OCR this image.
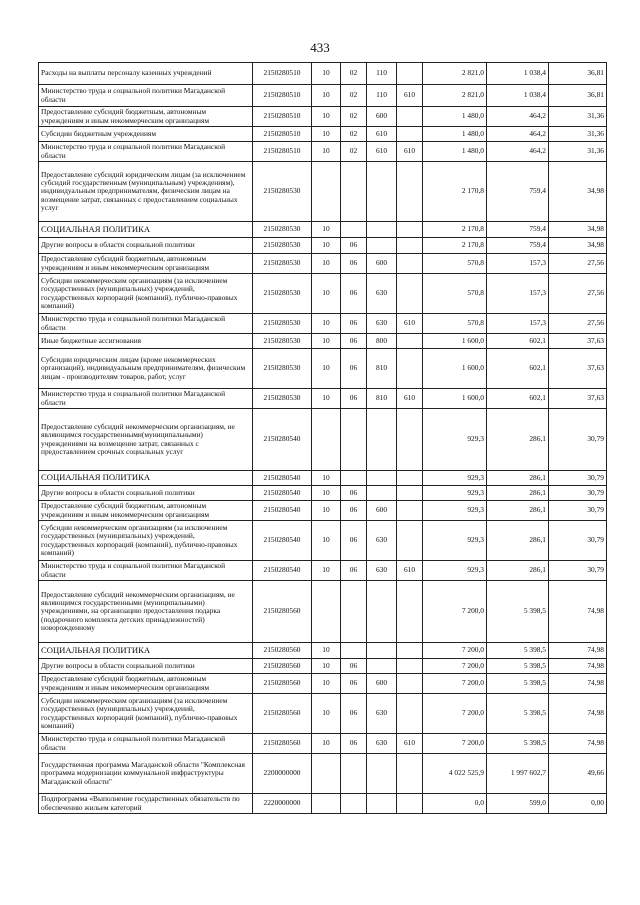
433
Расходы на выплаты персоналу казенных учреждений	2150280510	10	02	110		2 821,0	1 038,4	36,81
Министерство труда и социальной политики Магаданской области	2150280510	10	02	110	610	2 821,0	1 038,4	36,81
Предоставление субсидий бюджетным, автономным учреждениям и иным некоммерческим организациям	2150280510	10	02	600		1 480,0	464,2	31,36
Субсидии бюджетным учреждениям	2150280510	10	02	610		1 480,0	464,2	31,36
Министерство труда и социальной политики Магаданской области	2150280510	10	02	610	610	1 480,0	464,2	31,36
Предоставление субсидий юридическим лицам (за исключением субсидий государственным (муниципальным) учреждениям), индивидуальным предпринимателям, физическим лицам на возмещение затрат, связанных с предоставлением социальных услуг	2150280530					2 170,8	759,4	34,98
СОЦИАЛЬНАЯ ПОЛИТИКА	2150280530	10				2 170,8	759,4	34,98
Другие вопросы в области социальной политики	2150280530	10	06			2 170,8	759,4	34,98
Предоставление субсидий бюджетным, автономным учреждениям и иным некоммерческим организациям	2150280530	10	06	600		570,8	157,3	27,56
Субсидии некоммерческим организациям (за исключением государственных (муниципальных) учреждений, государственных корпораций (компаний), публично-правовых компаний)	2150280530	10	06	630		570,8	157,3	27,56
Министерство труда и социальной политики Магаданской области	2150280530	10	06	630	610	570,8	157,3	27,56
Иные бюджетные ассигнования	2150280530	10	06	800		1 600,0	602,1	37,63
Субсидии юридическим лицам (кроме некоммерческих организаций), индивидуальным предпринимателям, физическим лицам - производителям товаров, работ, услуг	2150280530	10	06	810		1 600,0	602,1	37,63
Министерство труда и социальной политики Магаданской области	2150280530	10	06	810	610	1 600,0	602,1	37,63
Предоставление субсидий некоммерческим организациям, не являющимся государственными(муниципальными) учреждениями на возмещение затрат, связанных с предоставлением срочных социальных услуг	2150280540					929,3	286,1	30,79
СОЦИАЛЬНАЯ ПОЛИТИКА	2150280540	10				929,3	286,1	30,79
Другие вопросы в области социальной политики	2150280540	10	06			929,3	286,1	30,79
Предоставление субсидий бюджетным, автономным учреждениям и иным некоммерческим организациям	2150280540	10	06	600		929,3	286,1	30,79
Субсидии некоммерческим организациям (за исключением государственных (муниципальных) учреждений, государственных корпораций (компаний), публично-правовых компаний)	2150280540	10	06	630		929,3	286,1	30,79
Министерство труда и социальной политики Магаданской области	2150280540	10	06	630	610	929,3	286,1	30,79
Предоставление субсидий некоммерческим организациям, не являющимся государственными (муниципальными) учреждениями, на организацию предоставления подарка (подарочного комплекта детских принадлежностей) новорожденному	2150280560					7 200,0	5 398,5	74,98
СОЦИАЛЬНАЯ ПОЛИТИКА	2150280560	10				7 200,0	5 398,5	74,98
Другие вопросы в области социальной политики	2150280560	10	06			7 200,0	5 398,5	74,98
Предоставление субсидий бюджетным, автономным учреждениям и иным некоммерческим организациям	2150280560	10	06	600		7 200,0	5 398,5	74,98
Субсидии некоммерческим организациям (за исключением государственных (муниципальных) учреждений, государственных корпораций (компаний), публично-правовых компаний)	2150280560	10	06	630		7 200,0	5 398,5	74,98
Министерство труда и социальной политики Магаданской области	2150280560	10	06	630	610	7 200,0	5 398,5	74,98
Государственная программа Магаданской области "Комплексная программа модернизации коммунальной инфраструктуры Магаданской области"	2200000000					4 022 525,9	1 997 602,7	49,66
Подпрограмма «Выполнение государственных обязательств по обеспечению жильем категорий	2220000000					0,0	599,0	0,00
